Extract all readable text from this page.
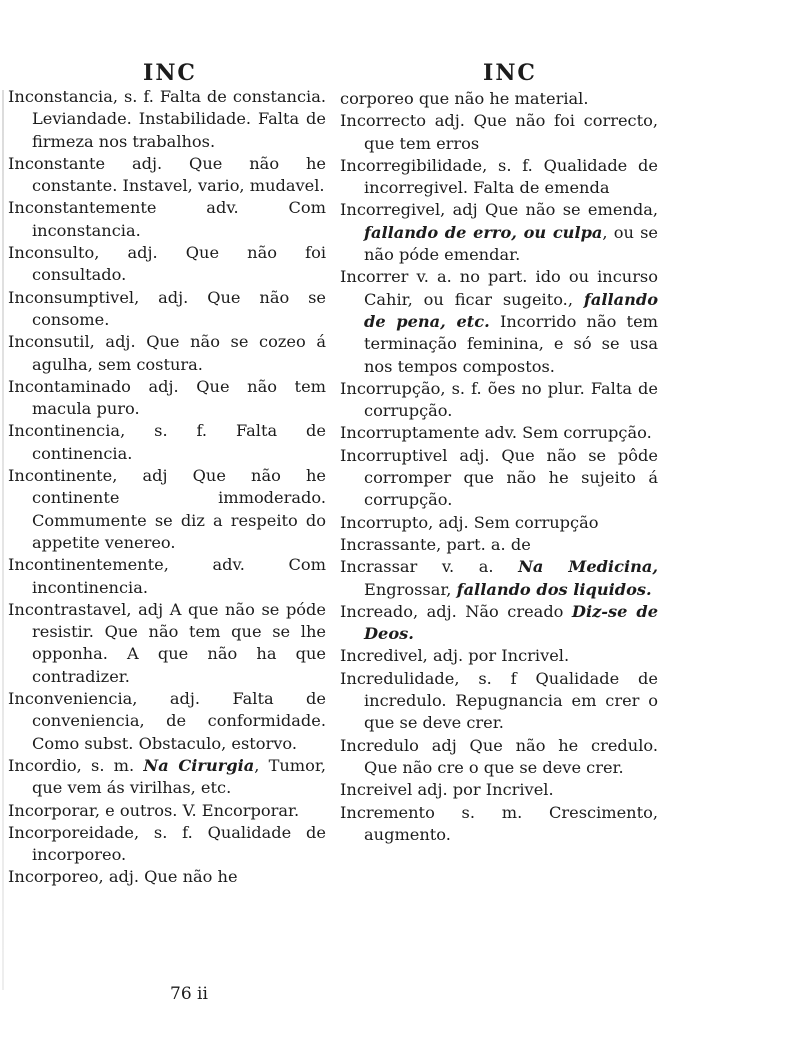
INC	INC

Inconstancia, s. f. Falta de constancia. Leviandade. Instabilidade. Falta de firmeza nos trabalhos.

Inconstante adj. Que não he constante. Instavel, vario, mudavel.

Inconstantemente adv. Com inconstancia.

Inconsulto, adj. Que não foi consultado.

Inconsumptivel, adj. Que não se consome.

Inconsutil, adj. Que não se cozeo á agulha, sem costura.

Incontaminado adj. Que não tem macula puro.

Incontinencia, s. f. Falta de continencia.

Incontinente, adj Que não he continente immoderado. Commumente se diz a respeito do appetite venereo.

Incontinentemente, adv. Com incontinencia.

Incontrastavel, adj A que não se póde resistir. Que não tem que se lhe opponha. A que não ha que contradizer.

Inconveniencia, adj. Falta de conveniencia, de conformidade. Como subst. Obstaculo, estorvo.

Incordio, s. m. Na Cirurgia, Tumor, que vem ás virilhas, etc.

Incorporar, e outros. V. Encorporar.

Incorporeidade, s. f. Qualidade de incorporeo.

Incorporeo, adj. Que não he

corporeo que não he material.

Incorrecto adj. Que não foi correcto, que tem erros

Incorregibilidade, s. f. Qualidade de incorregivel. Falta de emenda

Incorregivel, adj Que não se emenda, fallando de erro, ou culpa, ou se não póde emendar.

Incorrer v. a. no part. ido ou incurso Cahir, ou ficar sugeito., fallando de pena, etc. Incorrido não tem terminação feminina, e só se usa nos tempos compostos.

Incorrupção, s. f. ões no plur. Falta de corrupção.

Incorruptamente adv. Sem corrupção.

Incorruptivel adj. Que não se pôde corromper que não he sujeito á corrupção.

Incorrupto, adj. Sem corrupção

Incrassante, part. a. de

Incrassar v. a. Na Medicina, Engrossar, fallando dos liquidos.

Increado, adj. Não creado Diz-se de Deos.

Incredivel, adj. por Incrivel.

Incredulidade, s. f Qualidade de incredulo. Repugnancia em crer o que se deve crer.

Incredulo adj Que não he credulo. Que não cre o que se deve crer.

Increivel adj. por Incrivel.

Incremento s. m. Crescimento, augmento.

76 ii
